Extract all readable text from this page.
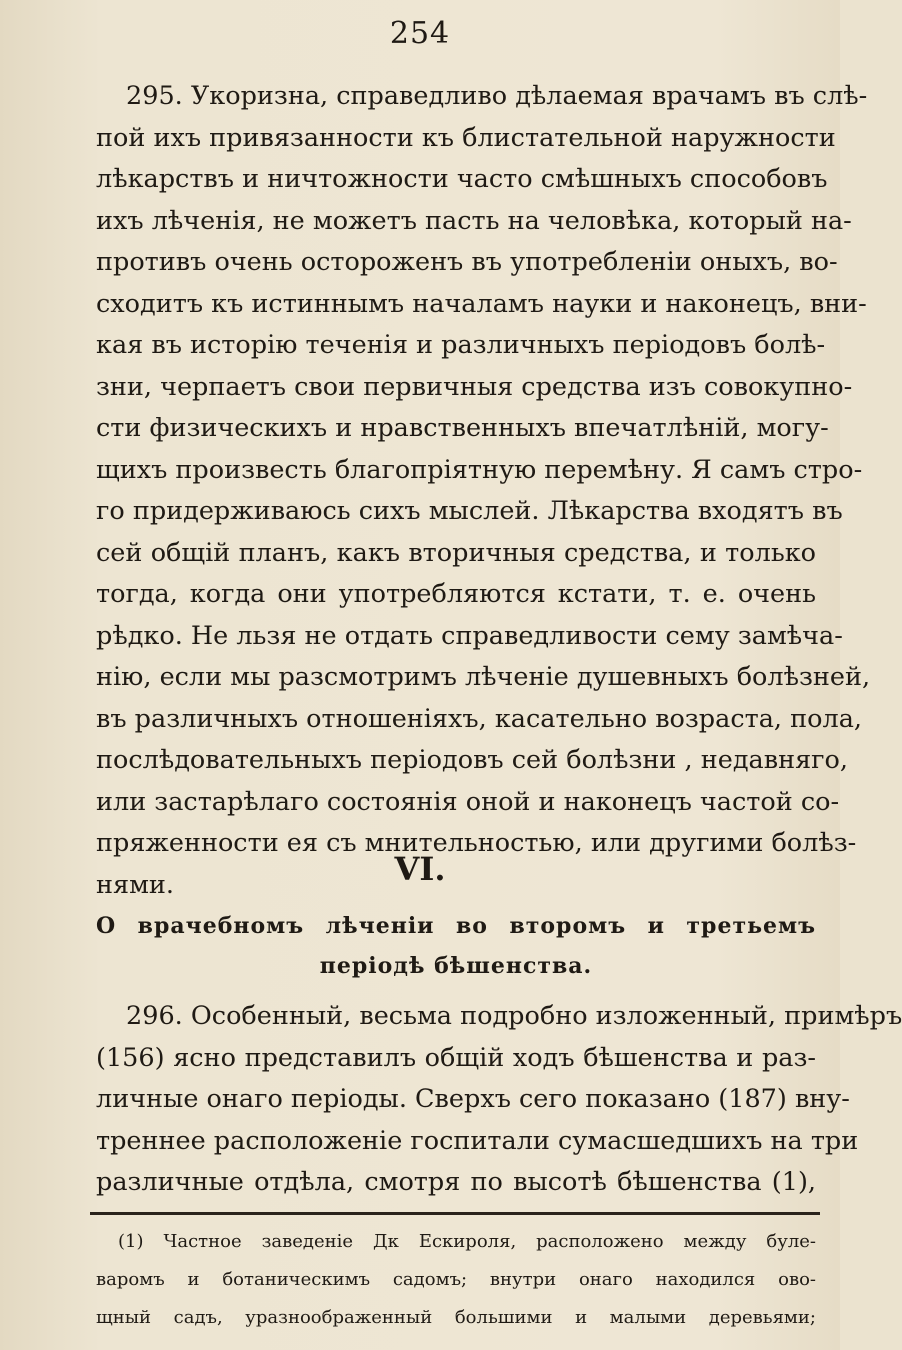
254
295. Укоризна, справедливо дѣлаемая врачамъ въ слѣ-
пой ихъ привязанности къ блистательной наружности
лѣкарствъ и ничтожности часто смѣшныхъ способовъ
ихъ лѣченія, не можетъ пасть на человѣка, который на-
противъ очень остороженъ въ употребленіи оныхъ, во-
сходитъ къ истиннымъ началамъ науки и наконецъ, вни-
кая въ исторію теченія и различныхъ періодовъ болѣ-
зни, черпаетъ свои первичныя средства изъ совокупно-
сти физическихъ и нравственныхъ впечатлѣній, могу-
щихъ произвесть благопріятную перемѣну. Я самъ стро-
го придерживаюсь сихъ мыслей. Лѣкарства входятъ въ
сей общій планъ, какъ вторичныя средства, и только
тогда, когда они употребляются кстати, т. е. очень
рѣдко. Не льзя не отдать справедливости сему замѣча-
нію, если мы разсмотримъ лѣченіе душевныхъ болѣзней,
въ различныхъ отношеніяхъ, касательно возраста, пола,
послѣдовательныхъ періодовъ сей болѣзни , недавняго,
или застарѣлаго состоянія оной и наконецъ частой со-
пряженности ея съ мнительностью, или другими болѣз-
нями.	VI.
О врачебномъ лѣченіи во второмъ и третьемъ
періодѣ бѣшенства.
296. Особенный, весьма подробно изложенный, примѣръ
(156) ясно представилъ общій ходъ бѣшенства и раз-
личные онаго періоды. Сверхъ сего показано (187) вну-
треннее расположеніе госпитали сумасшедшихъ на три
различные отдѣла, смотря по высотѣ бѣшенства (1),
(1) Частное заведеніе Дк Ескироля, расположено между буле-
варомъ и ботаническимъ садомъ; внутри онаго находился ово-
щный садъ, уразноображенный большими и малыми деревьями;
